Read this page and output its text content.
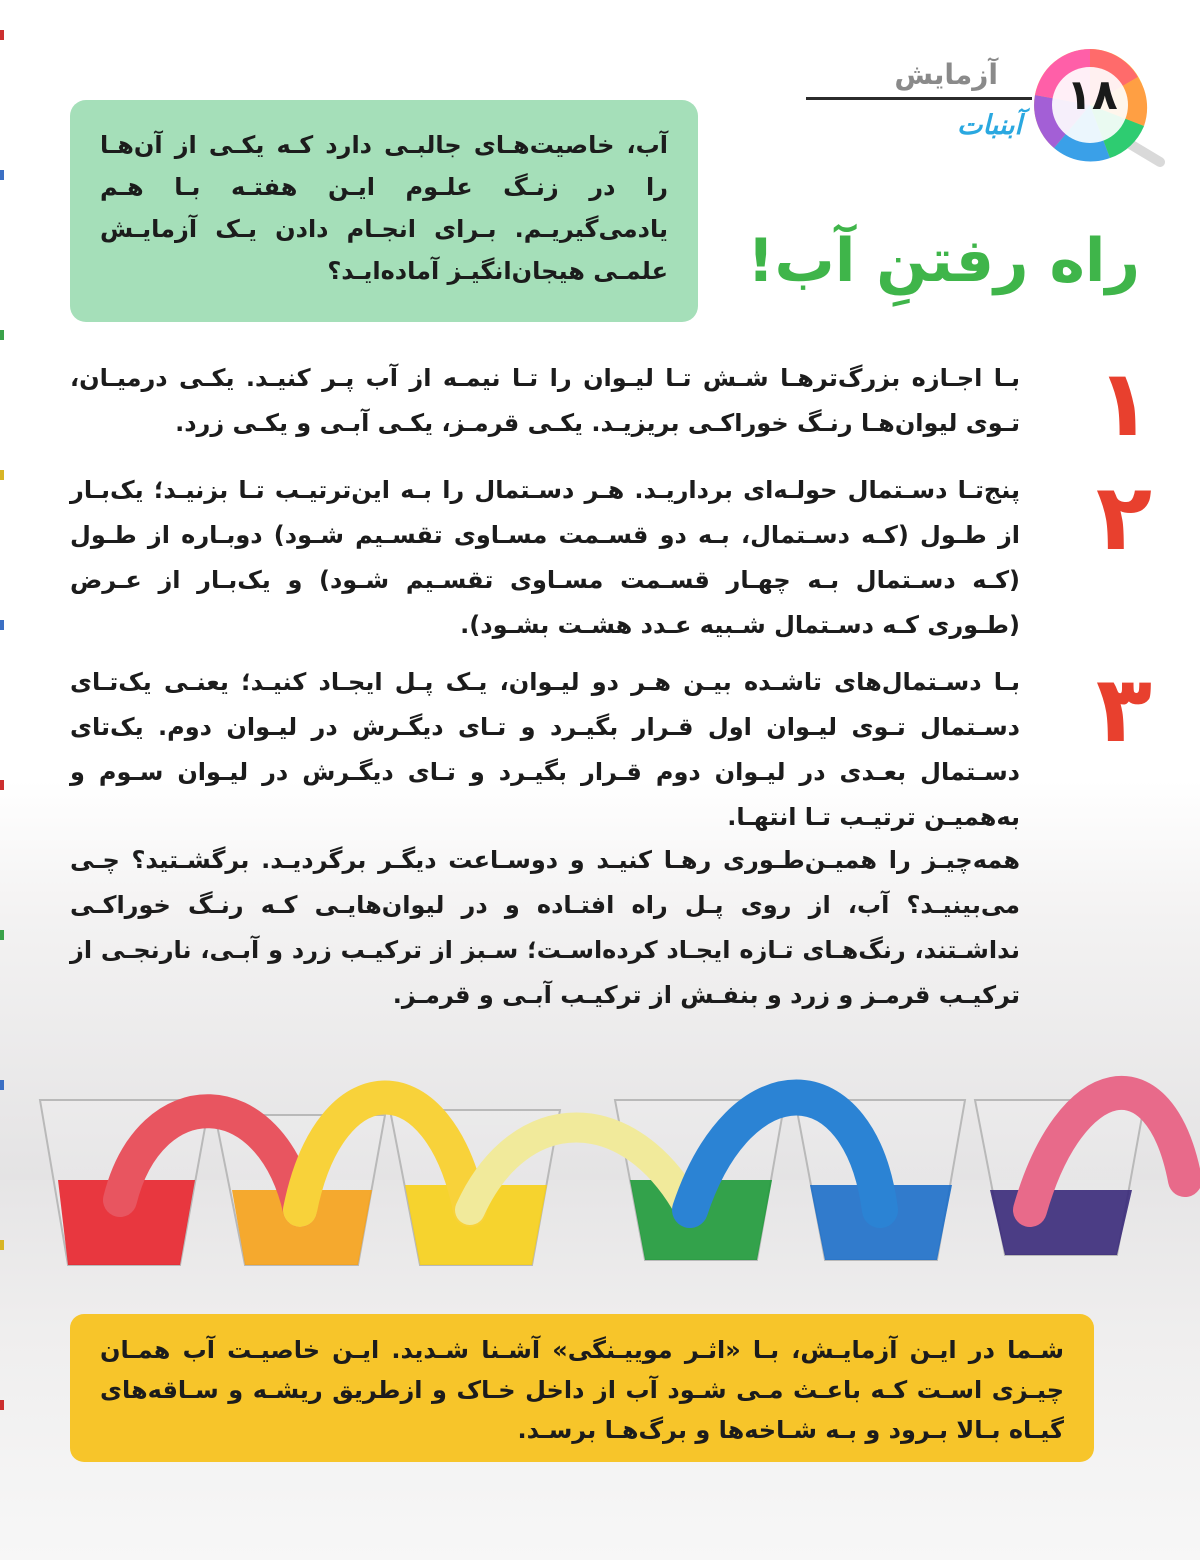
آزمایش
آبنبات
۱۸

آب، خاصیت‌هـای جالبـی دارد کـه یکـی از آن‌هـا را در زنـگ علـوم ایـن هفتـه بـا هـم یادمی‌گیریـم. بـرای انجـام دادن یـک آزمایـش علمـی هیجان‌انگیـز آماده‌ایـد؟ راه رفتنِ آب!
۱

بـا اجـازه بزرگ‌ترهـا شـش تـا لیـوان را تـا نیمـه از آب پـر کنیـد. یکـی درمیـان، تـوی لیوان‌هـا رنـگ خوراکـی بریزیـد. یکـی قرمـز، یکـی آبـی و یکـی زرد.

۲

پنج‌تـا دسـتمال حولـه‌ای برداریـد. هـر دسـتمال را بـه این‌ترتیـب تـا بزنیـد؛ یک‌بـار از طـول (کـه دسـتمال، بـه دو قسـمت مسـاوی تقسـیم شـود) دوبـاره از طـول (کـه دسـتمال بـه چهـار قسـمت مسـاوی تقسـیم شـود) و یک‌بـار از عـرض (طـوری کـه دسـتمال شـبیه عـدد هشـت بشـود).

۳

بـا دسـتمال‌های تاشـده بیـن هـر دو لیـوان، یـک پـل ایجـاد کنیـد؛ یعنـی یک‌تـای دسـتمال تـوی لیـوان اول قـرار بگیـرد و تـای دیگـرش در لیـوان دوم. یک‌تای دسـتمال بعـدی در لیـوان دوم قـرار بگیـرد و تـای دیگـرش در لیـوان سـوم و به‌همیـن ترتیـب تـا انتهـا.

همه‌چیـز را همیـن‌طـوری رهـا کنیـد و دوسـاعت دیگـر برگردیـد. برگشـتید؟ چـی می‌بینیـد؟ آب، از روی پـل راه افتـاده و در لیوان‌هایـی کـه رنـگ خوراکـی نداشـتند، رنگ‌هـای تـازه ایجـاد کرده‌اسـت؛ سـبز از ترکیـب زرد و آبـی، نارنجـی از ترکیـب قرمـز و زرد و بنفـش از ترکیـب آبـی و قرمـز.

شـما در ایـن آزمایـش، بـا «اثـر موییـنگی» آشـنا شـدید. ایـن خاصیـت آب همـان چیـزی اسـت کـه باعـث مـی شـود آب از داخل خـاک و ازطریق ریشـه و سـاقه‌های گیـاه بـالا بـرود و بـه شـاخه‌ها و برگ‌هـا برسـد.
